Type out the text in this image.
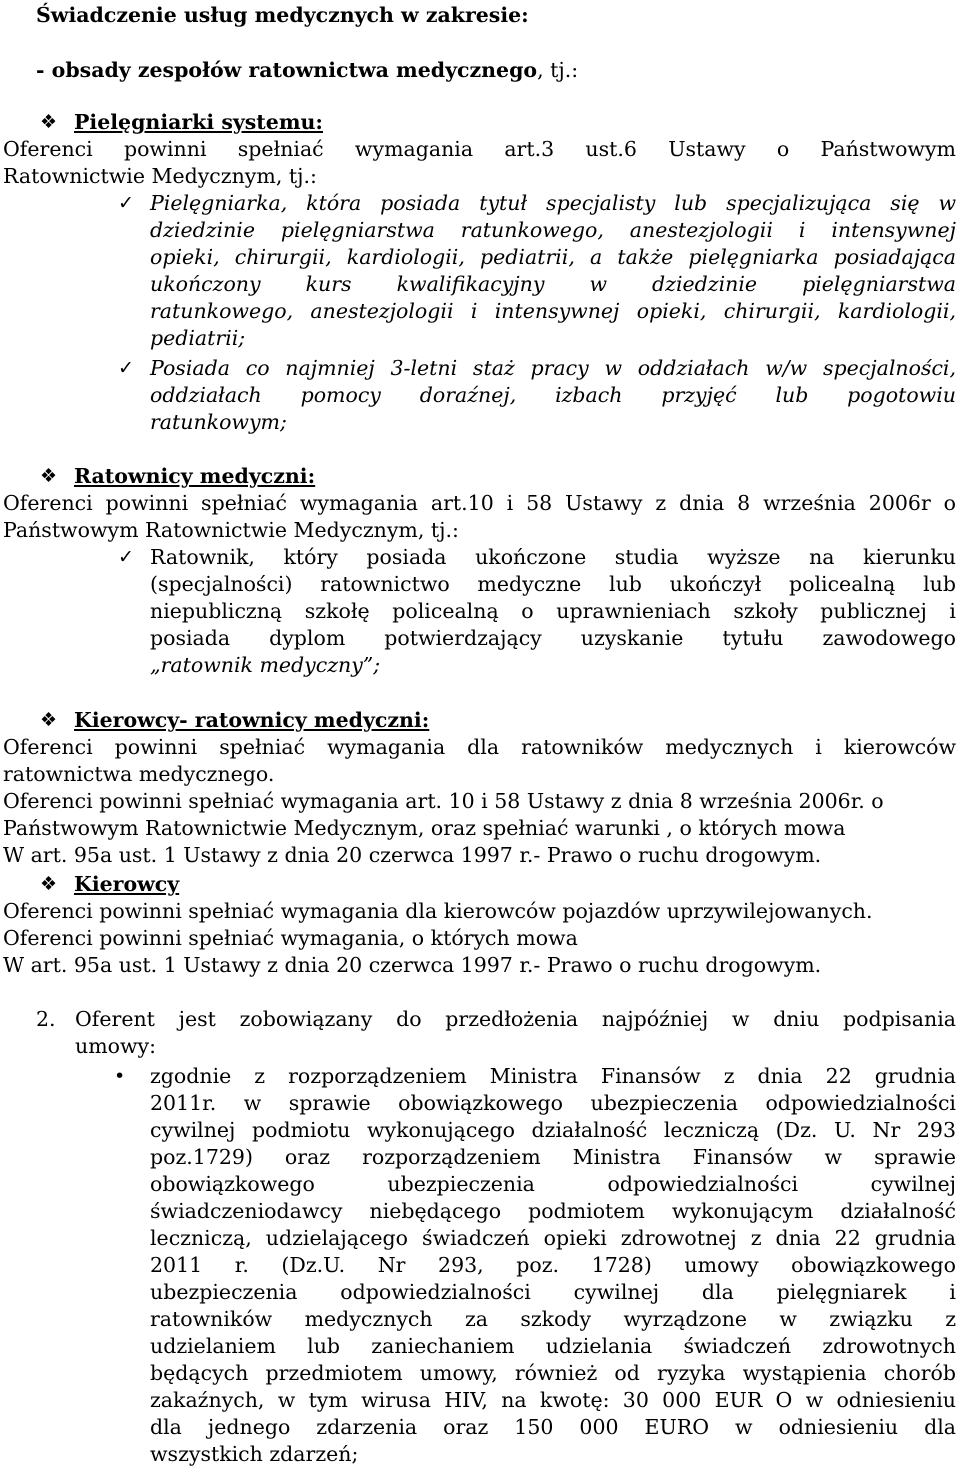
Świadczenie usług medycznych w zakresie:
- obsady zespołów ratownictwa medycznego, tj.:
❖ Pielęgniarki systemu:
Oferenci powinni spełniać wymagania art.3 ust.6 Ustawy o Państwowym
Ratownictwie Medycznym, tj.:
✓ Pielęgniarka, która posiada tytuł specjalisty lub specjalizująca się w
dziedzinie pielęgniarstwa ratunkowego, anestezjologii i intensywnej
opieki, chirurgii, kardiologii, pediatrii, a także pielęgniarka posiadająca
ukończony kurs kwalifikacyjny w dziedzinie pielęgniarstwa
ratunkowego, anestezjologii i intensywnej opieki, chirurgii, kardiologii,
pediatrii;
✓ Posiada co najmniej 3-letni staż pracy w oddziałach w/w specjalności,
oddziałach pomocy doraźnej, izbach przyjęć lub pogotowiu
ratunkowym;
❖ Ratownicy medyczni:
Oferenci powinni spełniać wymagania art.10 i 58 Ustawy z dnia 8 września 2006r o
Państwowym Ratownictwie Medycznym, tj.:
✓ Ratownik, który posiada ukończone studia wyższe na kierunku
(specjalności) ratownictwo medyczne lub ukończył policealną lub
niepubliczną szkołę policealną o uprawnieniach szkoły publicznej i
posiada dyplom potwierdzający uzyskanie tytułu zawodowego
„ratownik medyczny”;
❖ Kierowcy- ratownicy medyczni:
Oferenci powinni spełniać wymagania dla ratowników medycznych i kierowców
ratownictwa medycznego.
Oferenci powinni spełniać wymagania art. 10 i 58 Ustawy z dnia 8 września 2006r. o
Państwowym Ratownictwie Medycznym, oraz spełniać warunki , o których mowa
W art. 95a ust. 1 Ustawy z dnia 20 czerwca 1997 r.- Prawo o ruchu drogowym.
❖ Kierowcy
Oferenci powinni spełniać wymagania dla kierowców pojazdów uprzywilejowanych.
Oferenci powinni spełniać wymagania, o których mowa
W art. 95a ust. 1 Ustawy z dnia 20 czerwca 1997 r.- Prawo o ruchu drogowym.
2. Oferent jest zobowiązany do przedłożenia najpóźniej w dniu podpisania
umowy:
• zgodnie z rozporządzeniem Ministra Finansów z dnia 22 grudnia
2011r. w sprawie obowiązkowego ubezpieczenia odpowiedzialności
cywilnej podmiotu wykonującego działalność leczniczą (Dz. U. Nr 293
poz.1729) oraz rozporządzeniem Ministra Finansów w sprawie
obowiązkowego ubezpieczenia odpowiedzialności cywilnej
świadczeniodawcy niebędącego podmiotem wykonującym działalność
leczniczą, udzielającego świadczeń opieki zdrowotnej z dnia 22 grudnia
2011 r. (Dz.U. Nr 293, poz. 1728) umowy obowiązkowego
ubezpieczenia odpowiedzialności cywilnej dla pielęgniarek i
ratowników medycznych za szkody wyrządzone w związku z
udzielaniem lub zaniechaniem udzielania świadczeń zdrowotnych
będących przedmiotem umowy, również od ryzyka wystąpienia chorób
zakaźnych, w tym wirusa HIV, na kwotę: 30 000 EUR O w odniesieniu
dla jednego zdarzenia oraz 150 000 EURO w odniesieniu dla
wszystkich zdarzeń;
